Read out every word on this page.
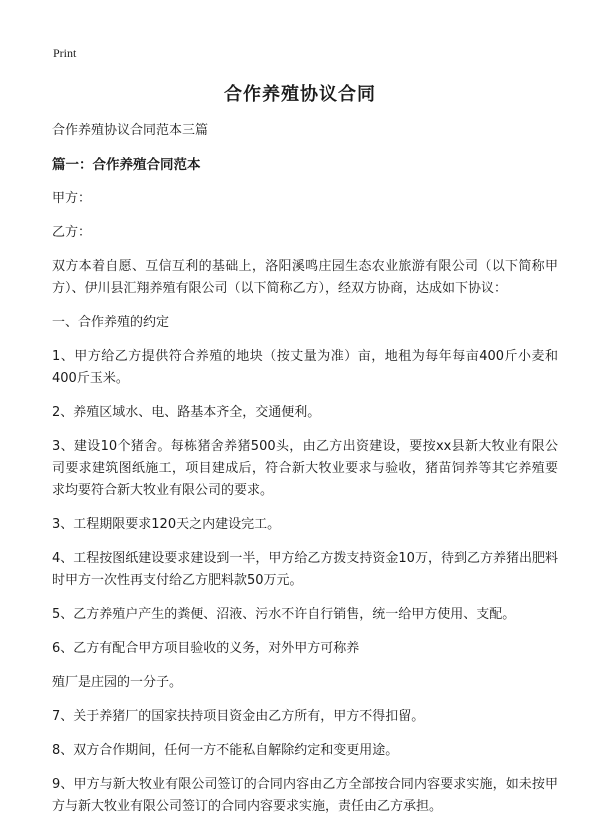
Print
合作养殖协议合同

合作养殖协议合同范本三篇

篇一：合作养殖合同范本

甲方：

乙方：

双方本着自愿、互信互利的基础上，洛阳溪鸣庄园生态农业旅游有限公司（以下简称甲方）、伊川县汇翔养殖有限公司（以下简称乙方），经双方协商，达成如下协议：

一、合作养殖的约定

1、甲方给乙方提供符合养殖的地块（按丈量为准）亩，地租为每年每亩400斤小麦和400斤玉米。

2、养殖区域水、电、路基本齐全，交通便利。

3、建设10个猪舍。每栋猪舍养猪500头，由乙方出资建设，要按xx县新大牧业有限公司要求建筑图纸施工，项目建成后，符合新大牧业要求与验收，猪苗饲养等其它养殖要求均要符合新大牧业有限公司的要求。

3、工程期限要求120天之内建设完工。

4、工程按图纸建设要求建设到一半，甲方给乙方拨支持资金10万，待到乙方养猪出肥料时甲方一次性再支付给乙方肥料款50万元。

5、乙方养殖户产生的粪便、沼液、污水不许自行销售，统一给甲方使用、支配。

6、乙方有配合甲方项目验收的义务，对外甲方可称养

殖厂是庄园的一分子。

7、关于养猪厂的国家扶持项目资金由乙方所有，甲方不得扣留。

8、双方合作期间，任何一方不能私自解除约定和变更用途。

9、甲方与新大牧业有限公司签订的合同内容由乙方全部按合同内容要求实施，如未按甲方与新大牧业有限公司签订的合同内容要求实施，责任由乙方承担。
